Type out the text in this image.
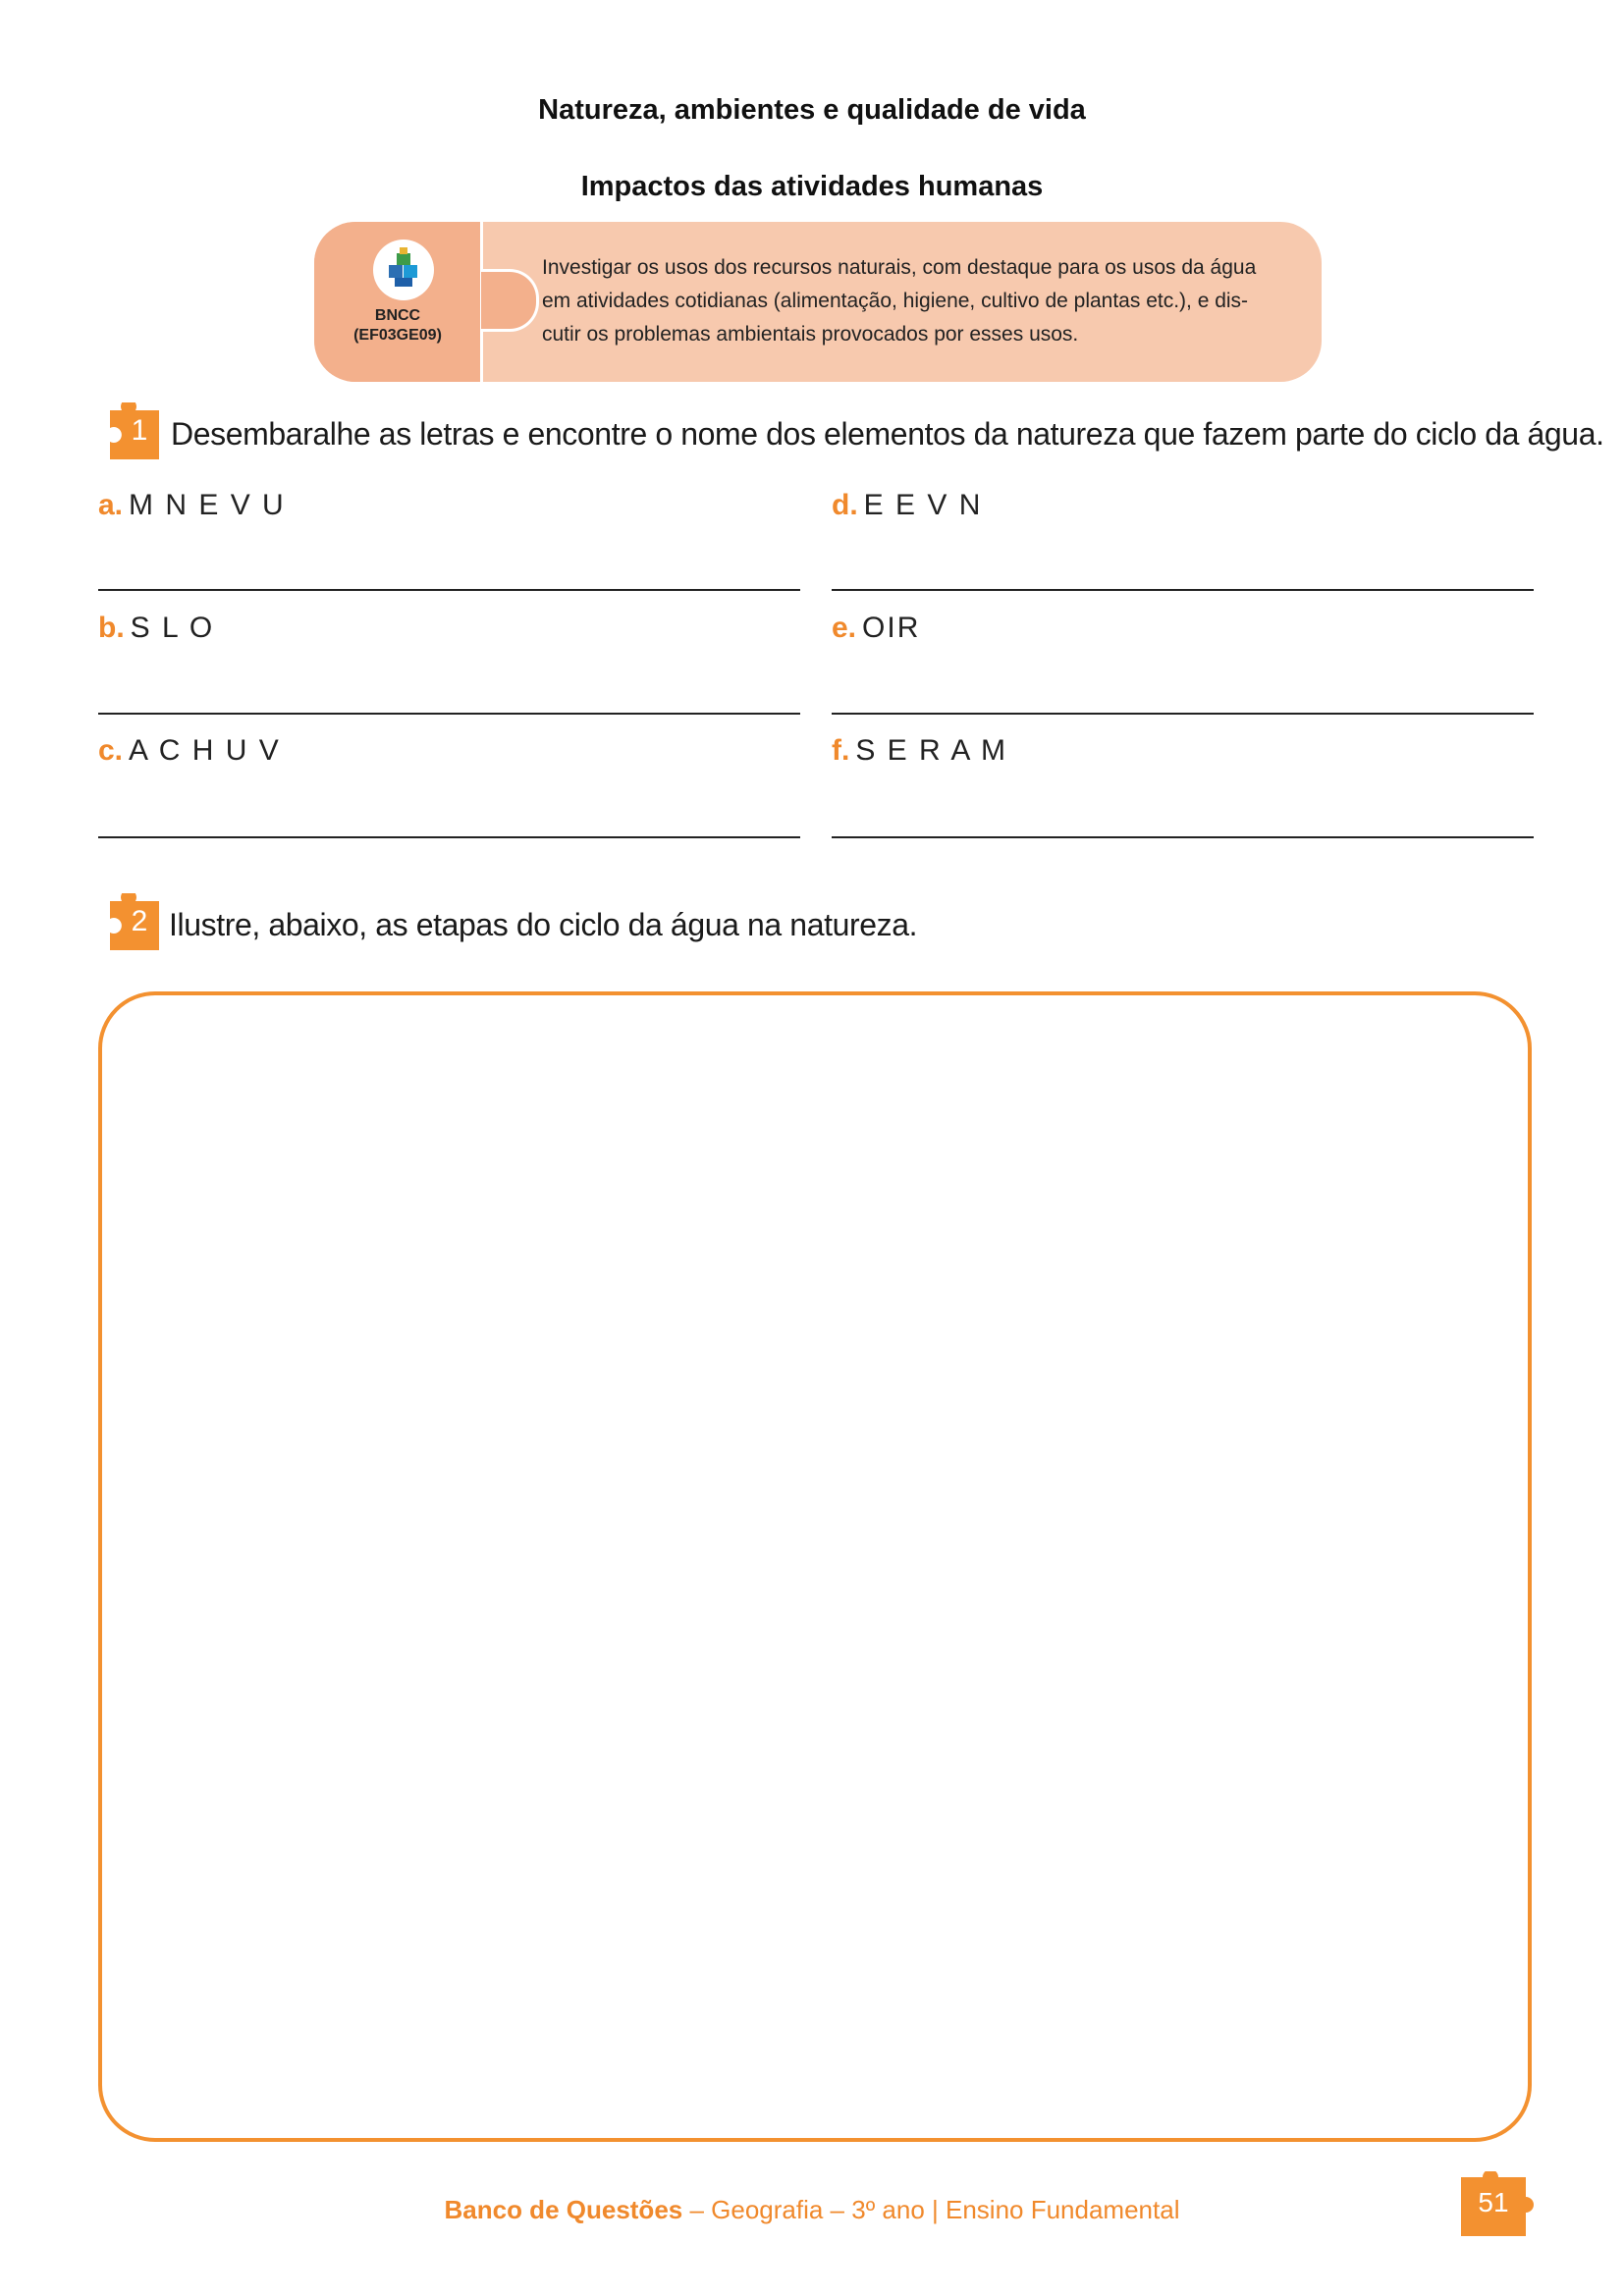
Natureza, ambientes e qualidade de vida
Impactos das atividades humanas
BNCC
(EF03GE09)
Investigar os usos dos recursos naturais, com destaque para os usos da água
em atividades cotidianas (alimentação, higiene, cultivo de plantas etc.), e dis-
cutir os problemas ambientais provocados por esses usos.
1 Desembaralhe as letras e encontre o nome dos elementos da natureza que fazem parte do ciclo da água.
a. M N E V U
b. S L O
c. A C H U V
d. E E V N
e. OIR
f. S E R A M
2 Ilustre, abaixo, as etapas do ciclo da água na natureza.
Banco de Questões – Geografia – 3º ano | Ensino Fundamental	51
